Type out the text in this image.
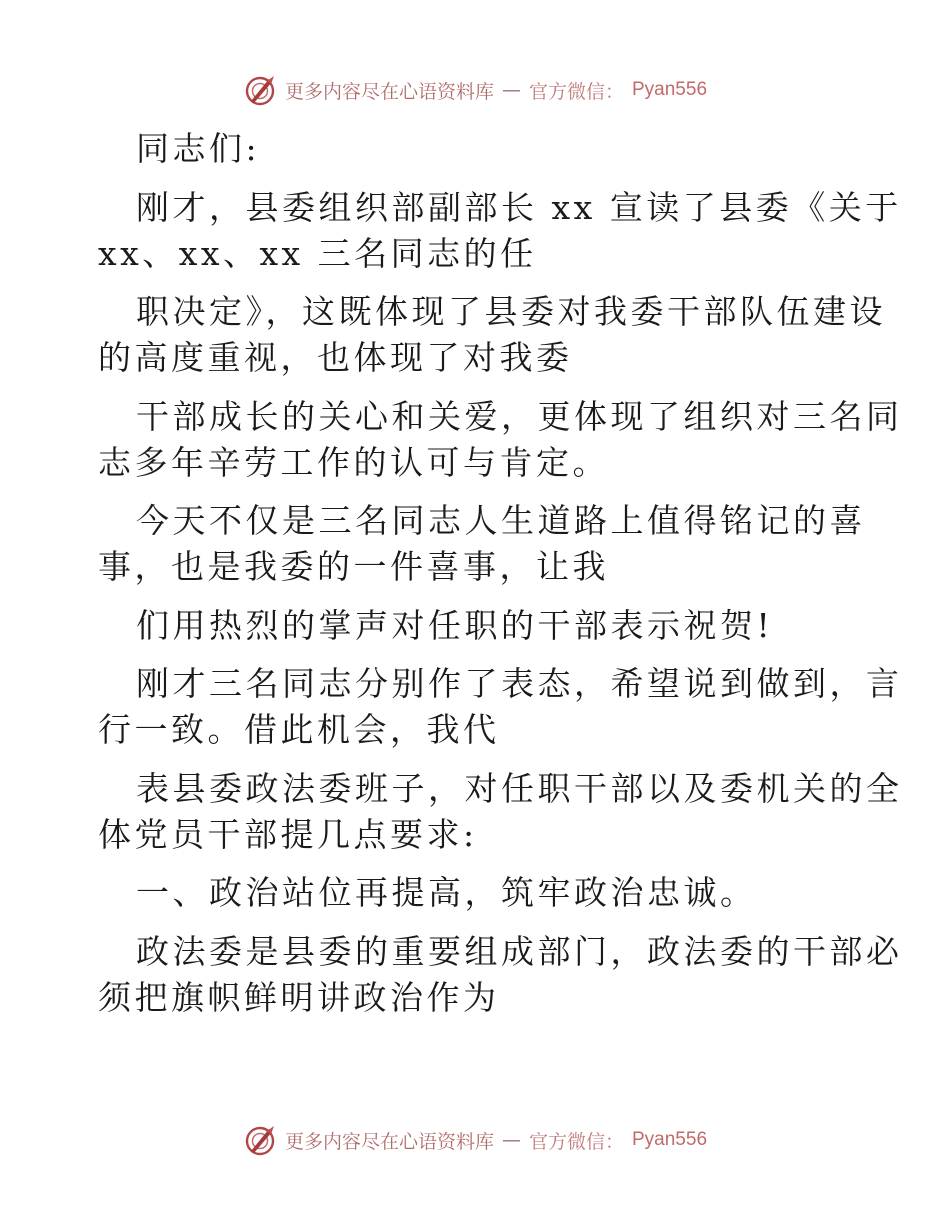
更多内容尽在心语资料库 — 官方微信： Pyan556

同志们:

刚才，县委组织部副部长 xx 宣读了县委《关于

xx、xx、xx 三名同志的任

职决定》，这既体现了县委对我委干部队伍建设

的高度重视，也体现了对我委

干部成长的关心和关爱，更体现了组织对三名同

志多年辛劳工作的认可与肯定。

今天不仅是三名同志人生道路上值得铭记的喜

事，也是我委的一件喜事，让我

们用热烈的掌声对任职的干部表示祝贺!

刚才三名同志分别作了表态，希望说到做到，言

行一致。借此机会，我代

表县委政法委班子，对任职干部以及委机关的全

体党员干部提几点要求:

一、政治站位再提高，筑牢政治忠诚。

政法委是县委的重要组成部门，政法委的干部必

须把旗帜鲜明讲政治作为

更多内容尽在心语资料库 — 官方微信： Pyan556
